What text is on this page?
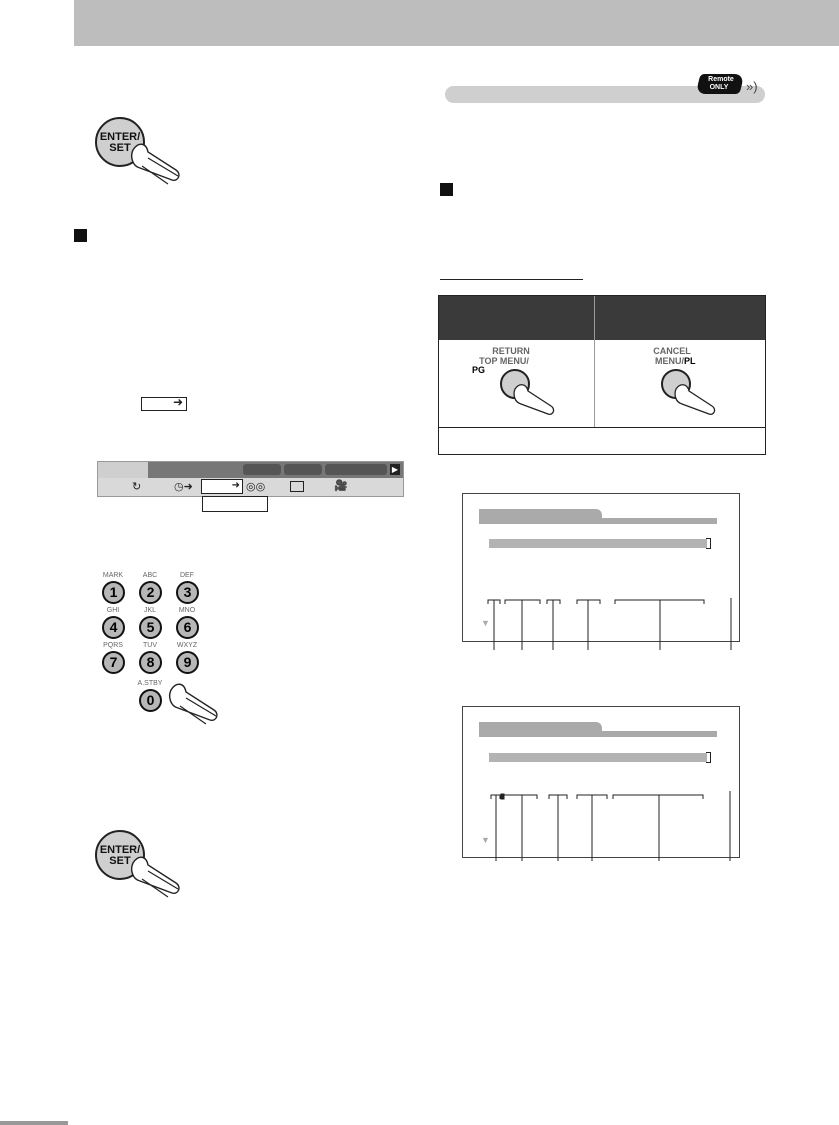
Remote
ONLY	»)
ENTER/
SET
➜
▶
↻	◷➜	➜ ◎◎	🎥
MARK
1
ABC
2
DEF
3
GHI
4
JKL
5
MNO
6
PQRS
7
TUV
8
WXYZ
9
A.STBY
0
ENTER/
SET
RETURN
TOP MENU/
PG
CANCEL
MENU/ PL
▼
▼
